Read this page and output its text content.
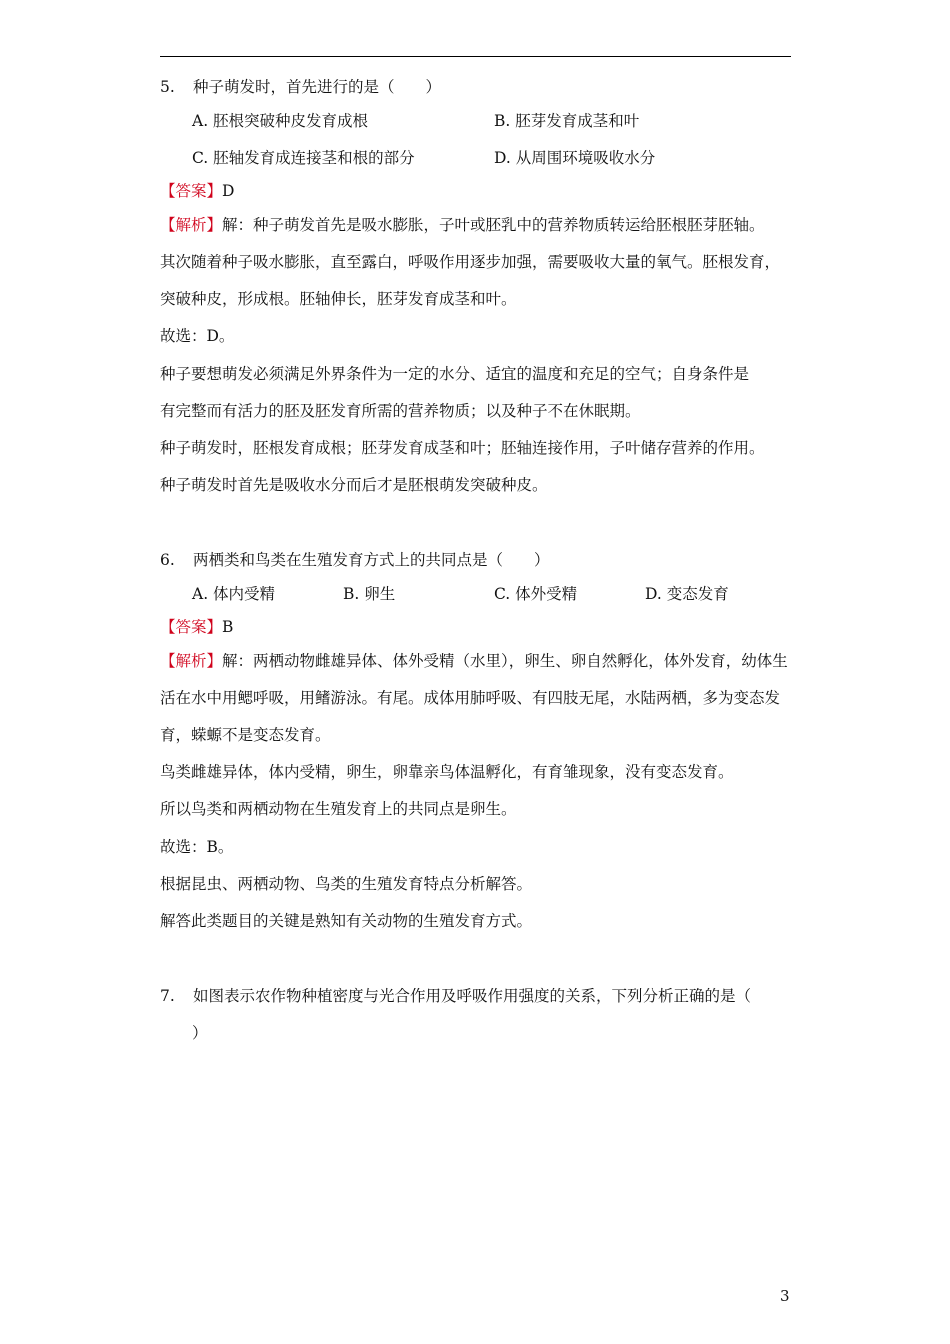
5. 种子萌发时，首先进行的是（　　）
A. 胚根突破种皮发育成根	B. 胚芽发育成茎和叶
C. 胚轴发育成连接茎和根的部分	D. 从周围环境吸收水分
【答案】D
【解析】解：种子萌发首先是吸水膨胀，子叶或胚乳中的营养物质转运给胚根胚芽胚轴。
其次随着种子吸水膨胀，直至露白，呼吸作用逐步加强，需要吸收大量的氧气。胚根发育，
突破种皮，形成根。胚轴伸长，胚芽发育成茎和叶。
故选：D。
种子要想萌发必须满足外界条件为一定的水分、适宜的温度和充足的空气；自身条件是
有完整而有活力的胚及胚发育所需的营养物质；以及种子不在休眠期。
种子萌发时，胚根发育成根；胚芽发育成茎和叶；胚轴连接作用，子叶储存营养的作用。
种子萌发时首先是吸收水分而后才是胚根萌发突破种皮。
6. 两栖类和鸟类在生殖发育方式上的共同点是（　　）
A. 体内受精	B. 卵生	C. 体外受精	D. 变态发育
【答案】B
【解析】解：两栖动物雌雄异体、体外受精（水里），卵生、卵自然孵化，体外发育，幼体生
活在水中用鳃呼吸，用鳍游泳。有尾。成体用肺呼吸、有四肢无尾，水陆两栖，多为变态发
育，蝾螈不是变态发育。
鸟类雌雄异体，体内受精，卵生，卵靠亲鸟体温孵化，有育雏现象，没有变态发育。
所以鸟类和两栖动物在生殖发育上的共同点是卵生。
故选：B。
根据昆虫、两栖动物、鸟类的生殖发育特点分析解答。
解答此类题目的关键是熟知有关动物的生殖发育方式。
7. 如图表示农作物种植密度与光合作用及呼吸作用强度的关系，下列分析正确的是（
）
3
